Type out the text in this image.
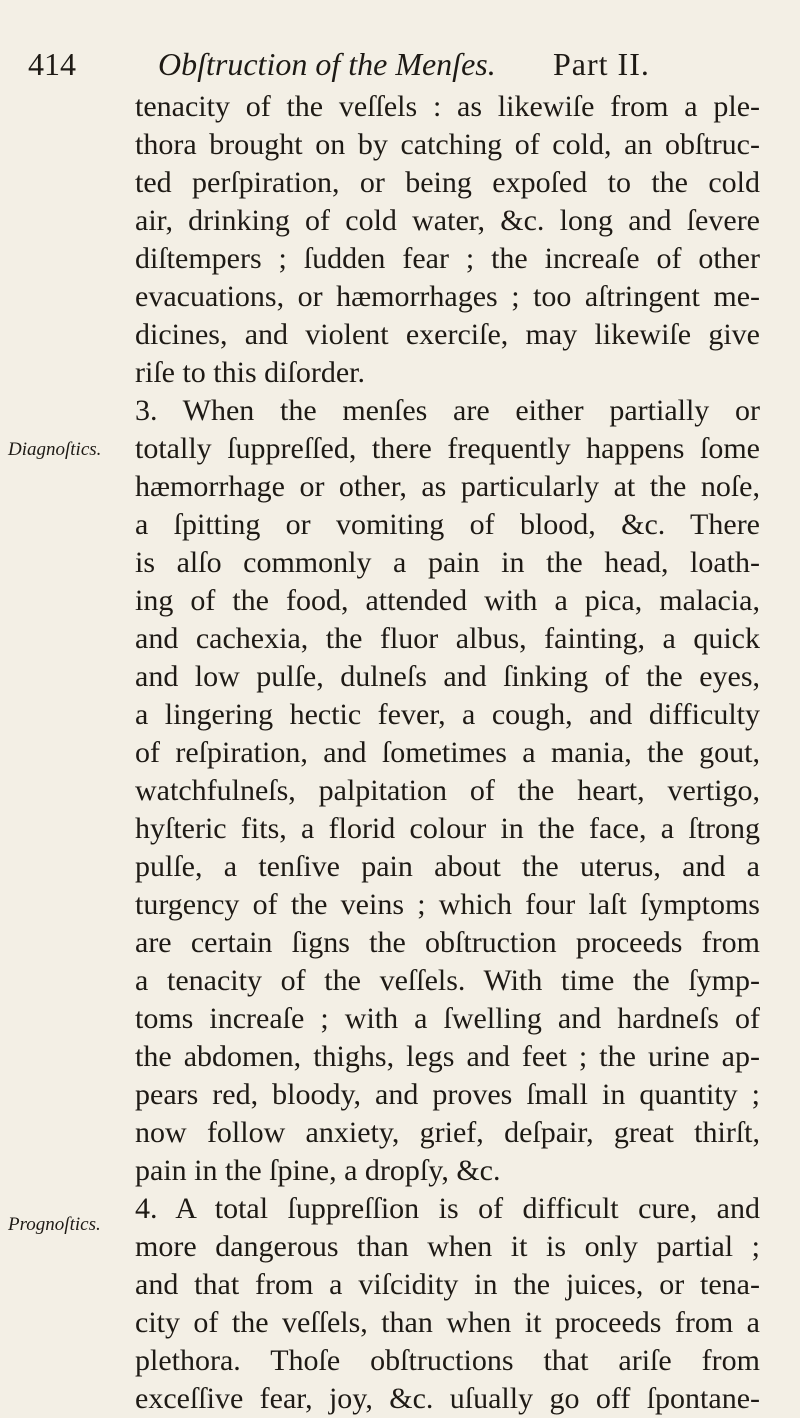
414	Obſtruction of the Menſes. Part II.
Diagnoſtics.
Prognoſtics.
tenacity of the veſſels : as likewiſe from a ple-
thora brought on by catching of cold, an obſtruc-
ted perſpiration, or being expoſed to the cold
air, drinking of cold water, &c. long and ſevere
diſtempers ; ſudden fear ; the increaſe of other
evacuations, or hæmorrhages ; too aſtringent me-
dicines, and violent exerciſe, may likewiſe give
riſe to this diſorder.
3. When the menſes are either partially or
totally ſuppreſſed, there frequently happens ſome
hæmorrhage or other, as particularly at the noſe,
a ſpitting or vomiting of blood, &c. There
is alſo commonly a pain in the head, loath-
ing of the food, attended with a pica, malacia,
and cachexia, the fluor albus, fainting, a quick
and low pulſe, dulneſs and ſinking of the eyes,
a lingering hectic fever, a cough, and difficulty
of reſpiration, and ſometimes a mania, the gout,
watchfulneſs, palpitation of the heart, vertigo,
hyſteric fits, a florid colour in the face, a ſtrong
pulſe, a tenſive pain about the uterus, and a
turgency of the veins ; which four laſt ſymptoms
are certain ſigns the obſtruction proceeds from
a tenacity of the veſſels. With time the ſymp-
toms increaſe ; with a ſwelling and hardneſs of
the abdomen, thighs, legs and feet ; the urine ap-
pears red, bloody, and proves ſmall in quantity ;
now follow anxiety, grief, deſpair, great thirſt,
pain in the ſpine, a dropſy, &c.
4. A total ſuppreſſion is of difficult cure, and
more dangerous than when it is only partial ;
and that from a viſcidity in the juices, or tena-
city of the veſſels, than when it proceeds from a
plethora. Thoſe obſtructions that ariſe from
exceſſive fear, joy, &c. uſually go off ſpontane-
